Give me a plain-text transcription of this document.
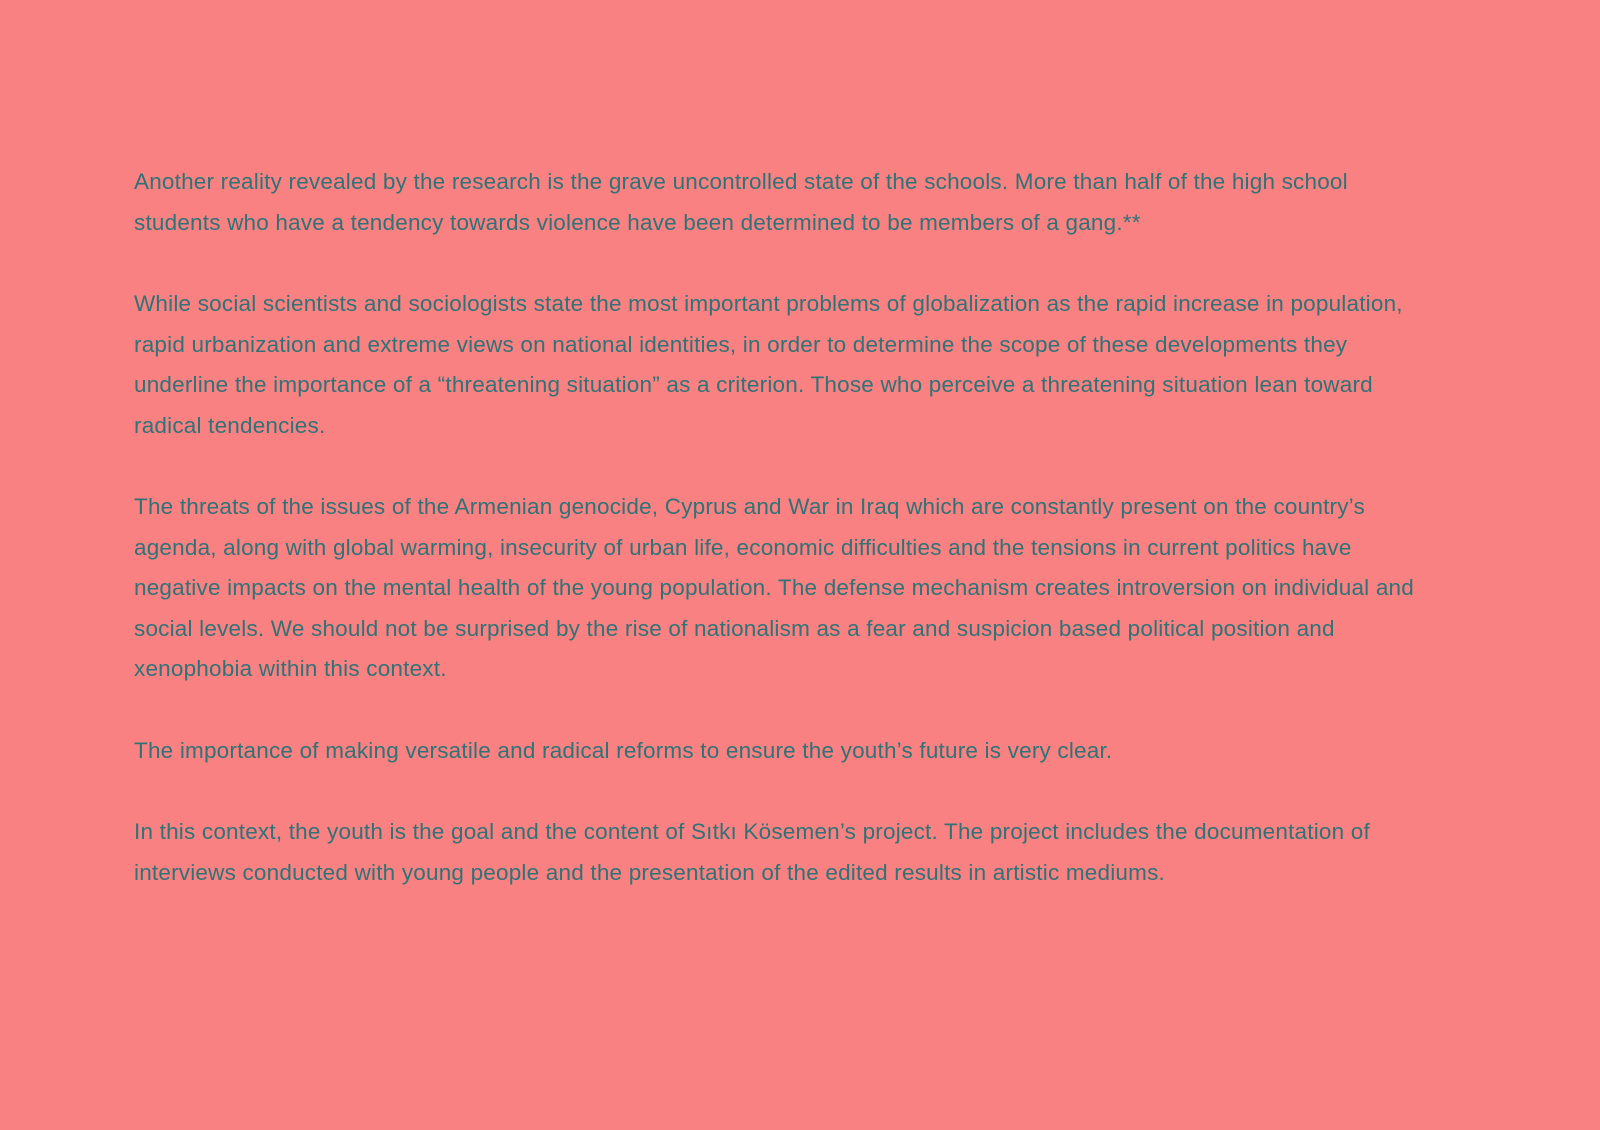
Another reality revealed by the research is the grave uncontrolled state of the schools. More than half of the high school students who have a tendency towards violence have been determined to be members of a gang.**

While social scientists and sociologists state the most important problems of globalization as the rapid increase in population, rapid urbanization and extreme views on national identities, in order to determine the scope of these developments they underline the importance of a “threatening situation” as a criterion. Those who perceive a threatening situation lean toward radical tendencies.

The threats of the issues of the Armenian genocide, Cyprus and War in Iraq which are constantly present on the country’s agenda, along with global warming, insecurity of urban life, economic difficulties and the tensions in current politics have negative impacts on the mental health of the young population. The defense mechanism creates introversion on individual and social levels. We should not be surprised by the rise of nationalism as a fear and suspicion based political position and xenophobia within this context.

The importance of making versatile and radical reforms to ensure the youth’s future is very clear.

In this context, the youth is the goal and the content of Sıtkı Kösemen’s project. The project includes the documentation of interviews conducted with young people and the presentation of the edited results in artistic mediums.
